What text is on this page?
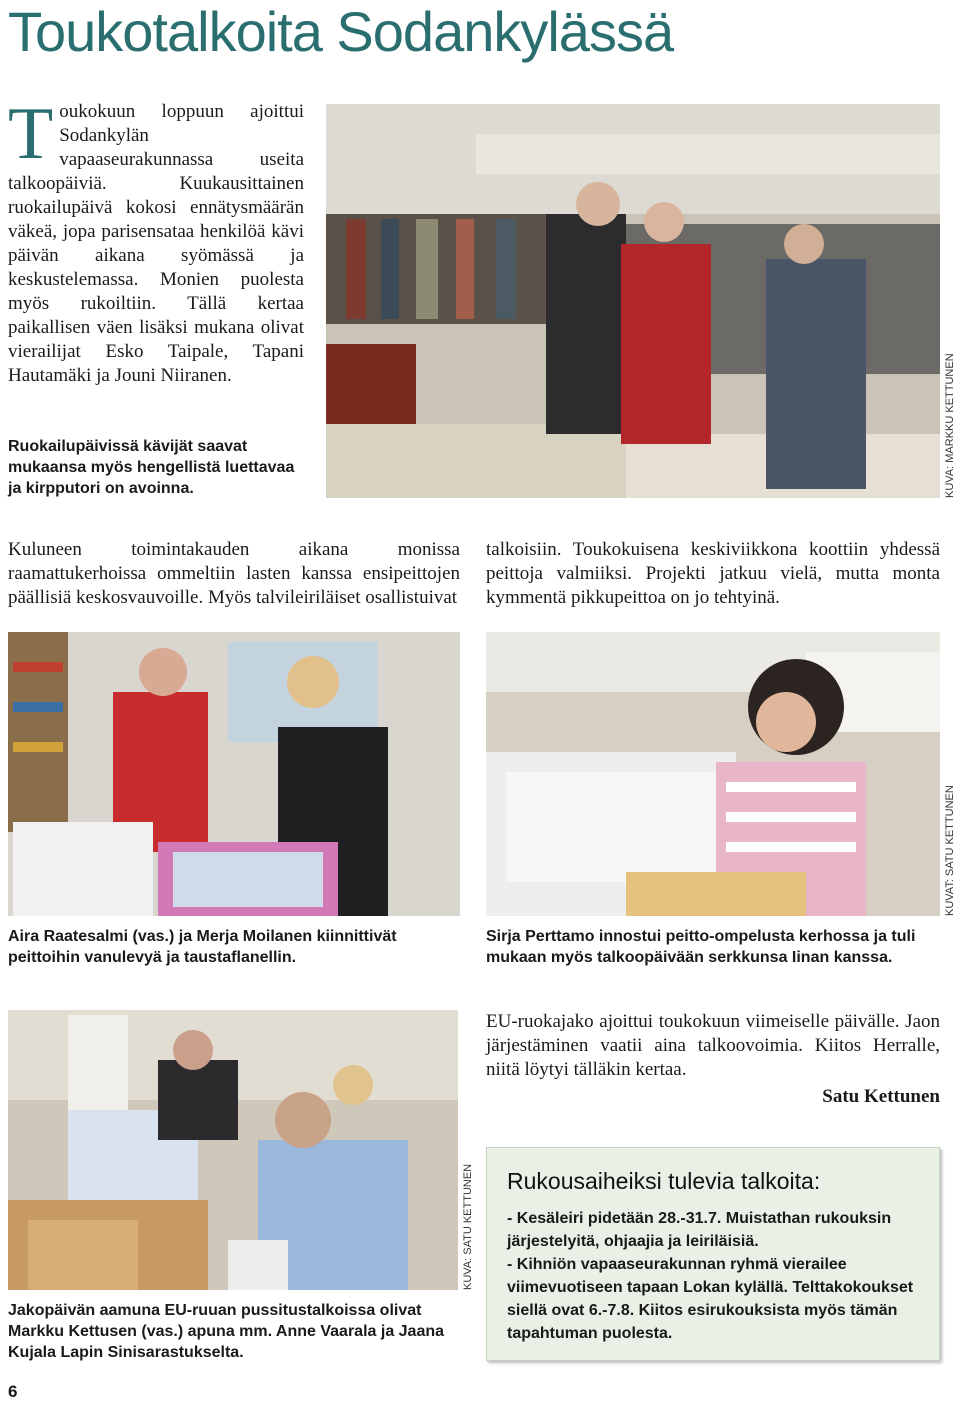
Toukotalkoita Sodankylässä
Toukokuun loppuun ajoittui Sodankylän vapaaseurakunnassa useita talkoopäiviä. Kuukausittainen ruokailupäivä kokosi ennätysmäärän väkeä, jopa parisensataa henkilöä kävi päivän aikana syömässä ja keskustelemassa. Monien puolesta myös rukoiltiin. Tällä kertaa paikallisen väen lisäksi mukana olivat vierailijat Esko Taipale, Tapani Hautamäki ja Jouni Niiranen.
Ruokailupäivissä kävijät saavat mukaansa myös hengellistä luettavaa ja kirpputori on avoinna.	KUVA: MARKKU KETTUNEN
Kuluneen toimintakauden aikana monissa raamattukerhoissa ommeltiin lasten kanssa ensipeittojen päällisiä keskosvauvoille. Myös talvileiriläiset osallistuivat
talkoisiin. Toukokuisena keskiviikkona koottiin yhdessä peittoja valmiiksi. Projekti jatkuu vielä, mutta monta kymmentä pikkupeittoa on jo tehtyinä.
KUVAT: SATU KETTUNEN
Aira Raatesalmi (vas.) ja Merja Moilanen kiinnittivät peittoihin vanulevyä ja taustaflanellin.
Sirja Perttamo innostui peitto-ompelusta kerhossa ja tuli mukaan myös talkoopäivään serkkunsa Iinan kanssa.
EU-ruokajako ajoittui toukokuun viimeiselle päivälle. Jaon järjestäminen vaatii aina talkoovoimia. Kiitos Herralle, niitä löytyi tälläkin kertaa.
Satu Kettunen
KUVA: SATU KETTUNEN
Jakopäivän aamuna EU-ruuan pussitustalkoissa olivat Markku Kettusen (vas.) apuna mm. Anne Vaarala ja Jaana Kujala Lapin Sinisarastukselta.
Rukousaiheiksi tulevia talkoita:
- Kesäleiri pidetään 28.-31.7. Muistathan rukouksin järjestelyitä, ohjaajia ja leiriläisiä.
- Kihniön vapaaseurakunnan ryhmä vierailee viimevuotiseen tapaan Lokan kylällä. Telttakokoukset siellä ovat 6.-7.8. Kiitos esirukouksista myös tämän tapahtuman puolesta.
6
